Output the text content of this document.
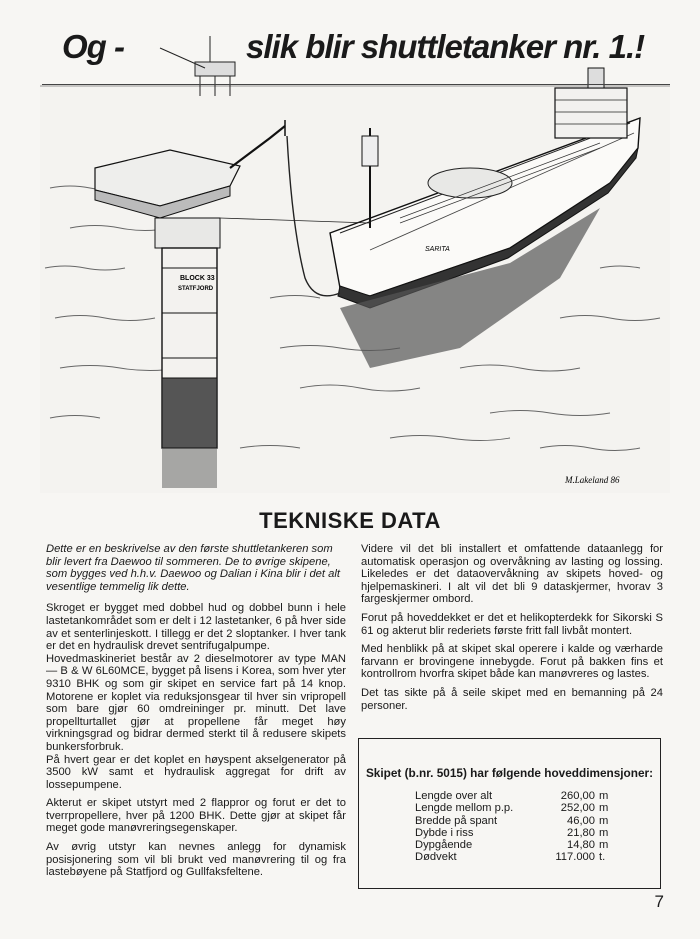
SARITA
BLOCK 33
STATFJORD
M.Lakeland 86
Og -	slik blir shuttletanker nr. 1.!
TEKNISKE DATA

Dette er en beskrivelse av den første shuttletankeren som blir levert fra Daewoo til sommeren. De to øvrige skipene, som bygges ved h.h.v. Daewoo og Dalian i Kina blir i det alt vesentlige temmelig lik dette.

Skroget er bygget med dobbel hud og dobbel bunn i hele lastetankområdet som er delt i 12 lastetanker, 6 på hver side av et senterlinjeskott. I tillegg er det 2 sloptanker. I hver tank er det en hydraulisk drevet sentrifugalpumpe.

Hovedmaskineriet består av 2 dieselmotorer av type MAN — B & W 6L60MCE, bygget på lisens i Korea, som hver yter 9310 BHK og som gir skipet en service fart på 14 knop. Motorene er koplet via reduksjonsgear til hver sin vripropell som bare gjør 60 omdreininger pr. minutt. Det lave propellturtallet gjør at propellene får meget høy virkningsgrad og bidrar dermed sterkt til å redusere skipets bunkersforbruk.

På hvert gear er det koplet en høyspent akselgenerator på 3500 kW samt et hydraulisk aggregat for drift av lossepumpene.

Akterut er skipet utstyrt med 2 flappror og forut er det to tverrpropellere, hver på 1200 BHK. Dette gjør at skipet får meget gode manøvreringsegenskaper.

Av øvrig utstyr kan nevnes anlegg for dynamisk posisjonering som vil bli brukt ved manøvrering til og fra lastebøyene på Statfjord og Gullfaksfeltene.

Videre vil det bli installert et omfattende dataanlegg for automatisk operasjon og overvåkning av lasting og lossing. Likeledes er det dataovervåkning av skipets hoved- og hjelpemaskineri. I alt vil det bli 9 dataskjermer, hvorav 3 fargeskjermer ombord.

Forut på hoveddekket er det et helikopterdekk for Sikorski S 61 og akterut blir rederiets første fritt fall livbåt montert.

Med henblikk på at skipet skal operere i kalde og værharde farvann er brovingene innebygde. Forut på bakken fins et kontrollrom hvorfra skipet både kan manøvreres og lastes.

Det tas sikte på å seile skipet med en bemanning på 24 personer.

Skipet (b.nr. 5015) har følgende hoveddimensjoner:
Lengde over alt	260,00	m
Lengde mellom p.p.	252,00	m
Bredde på spant	46,00	m
Dybde i riss	21,80	m
Dypgående	14,80	m
Dødvekt	117.000	t.
7
